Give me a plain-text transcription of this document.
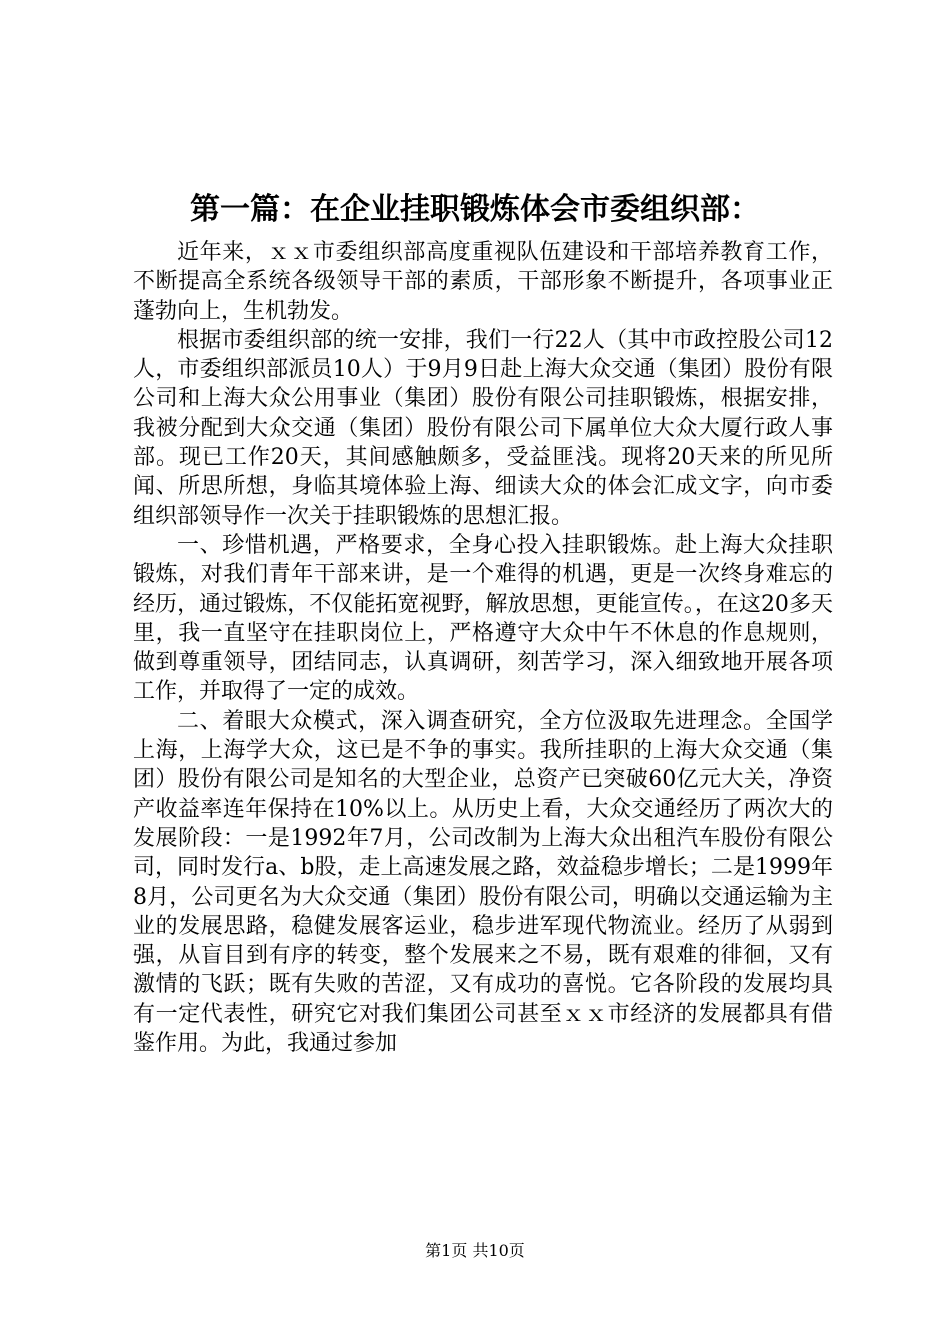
第一篇：在企业挂职锻炼体会市委组织部：

近年来，ｘｘ市委组织部高度重视队伍建设和干部培养教育工作，不断提高全系统各级领导干部的素质，干部形象不断提升，各项事业正蓬勃向上，生机勃发。

根据市委组织部的统一安排，我们一行22人（其中市政控股公司12人，市委组织部派员10人）于9月9日赴上海大众交通（集团）股份有限公司和上海大众公用事业（集团）股份有限公司挂职锻炼，根据安排，我被分配到大众交通（集团）股份有限公司下属单位大众大厦行政人事部。现已工作20天，其间感触颇多，受益匪浅。现将20天来的所见所闻、所思所想，身临其境体验上海、细读大众的体会汇成文字，向市委组织部领导作一次关于挂职锻炼的思想汇报。

一、珍惜机遇，严格要求，全身心投入挂职锻炼。赴上海大众挂职锻炼，对我们青年干部来讲，是一个难得的机遇，更是一次终身难忘的经历，通过锻炼，不仅能拓宽视野，解放思想，更能宣传。，在这20多天里，我一直坚守在挂职岗位上，严格遵守大众中午不休息的作息规则，做到尊重领导，团结同志，认真调研，刻苦学习，深入细致地开展各项工作，并取得了一定的成效。

二、着眼大众模式，深入调查研究，全方位汲取先进理念。全国学上海，上海学大众，这已是不争的事实。我所挂职的上海大众交通（集团）股份有限公司是知名的大型企业，总资产已突破60亿元大关，净资产收益率连年保持在10%以上。从历史上看，大众交通经历了两次大的发展阶段：一是1992年7月，公司改制为上海大众出租汽车股份有限公司，同时发行a、b股，走上高速发展之路，效益稳步增长；二是1999年8月，公司更名为大众交通（集团）股份有限公司，明确以交通运输为主业的发展思路，稳健发展客运业，稳步进军现代物流业。经历了从弱到强，从盲目到有序的转变，整个发展来之不易，既有艰难的徘徊，又有激情的飞跃；既有失败的苦涩，又有成功的喜悦。它各阶段的发展均具有一定代表性，研究它对我们集团公司甚至ｘｘ市经济的发展都具有借鉴作用。为此，我通过参加

第1页 共10页
